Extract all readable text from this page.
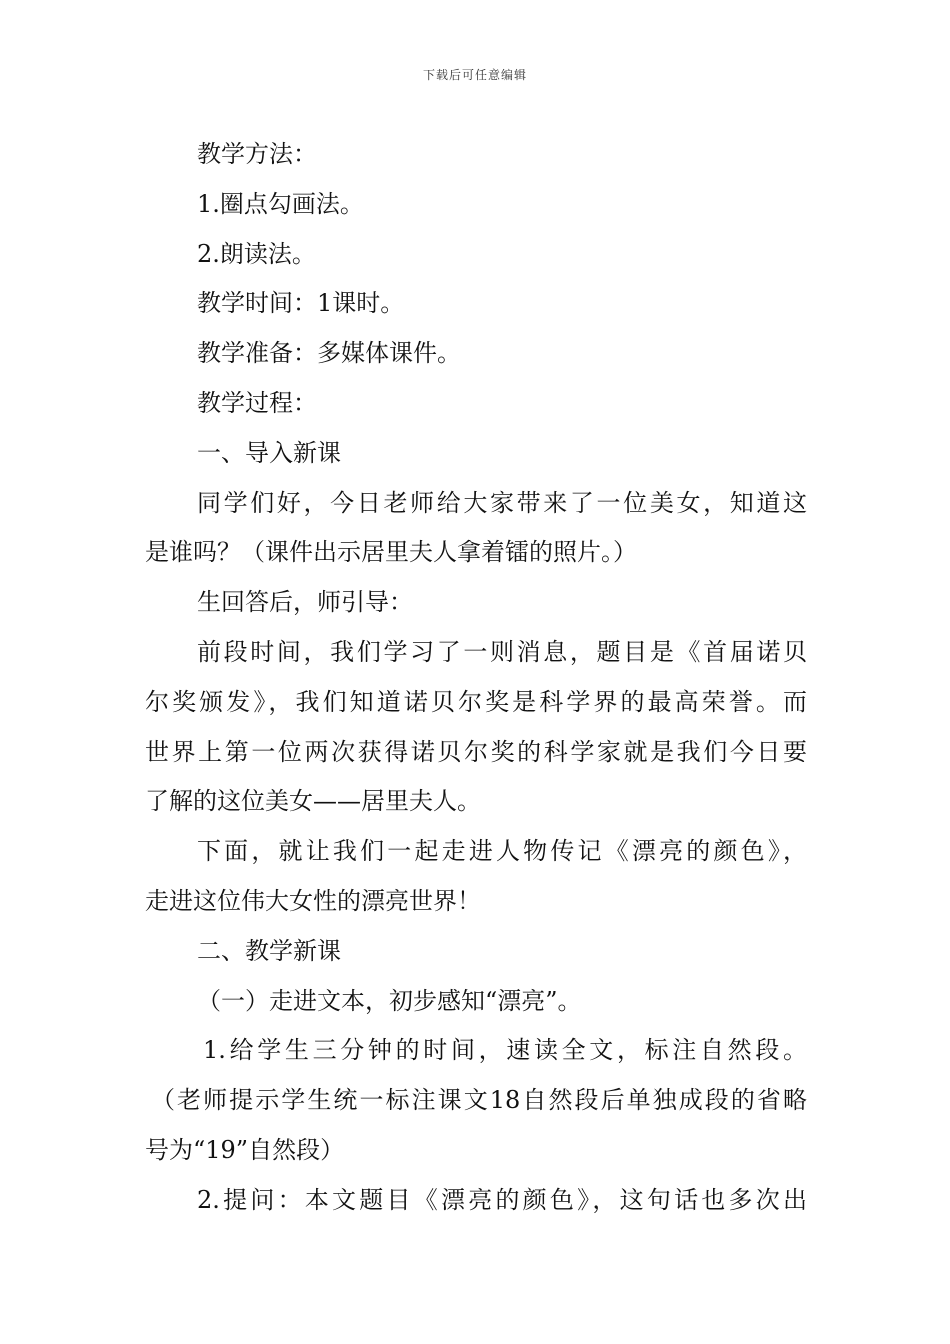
下载后可任意编辑
教学方法：
1.圈点勾画法。
2.朗读法。
教学时间：1课时。
教学准备：多媒体课件。
教学过程：
一、导入新课
同学们好，今日老师给大家带来了一位美女，知道这
是谁吗？（课件出示居里夫人拿着镭的照片。）
生回答后，师引导：
前段时间，我们学习了一则消息，题目是《首届诺贝
尔奖颁发》，我们知道诺贝尔奖是科学界的最高荣誉。而
世界上第一位两次获得诺贝尔奖的科学家就是我们今日要
了解的这位美女——居里夫人。
下面，就让我们一起走进人物传记《漂亮的颜色》，
走进这位伟大女性的漂亮世界！
二、教学新课
（一）走进文本，初步感知“漂亮”。
1.给学生三分钟的时间，速读全文，标注自然段。
（老师提示学生统一标注课文18自然段后单独成段的省略
号为“19”自然段）
2.提问：本文题目《漂亮的颜色》，这句话也多次出
